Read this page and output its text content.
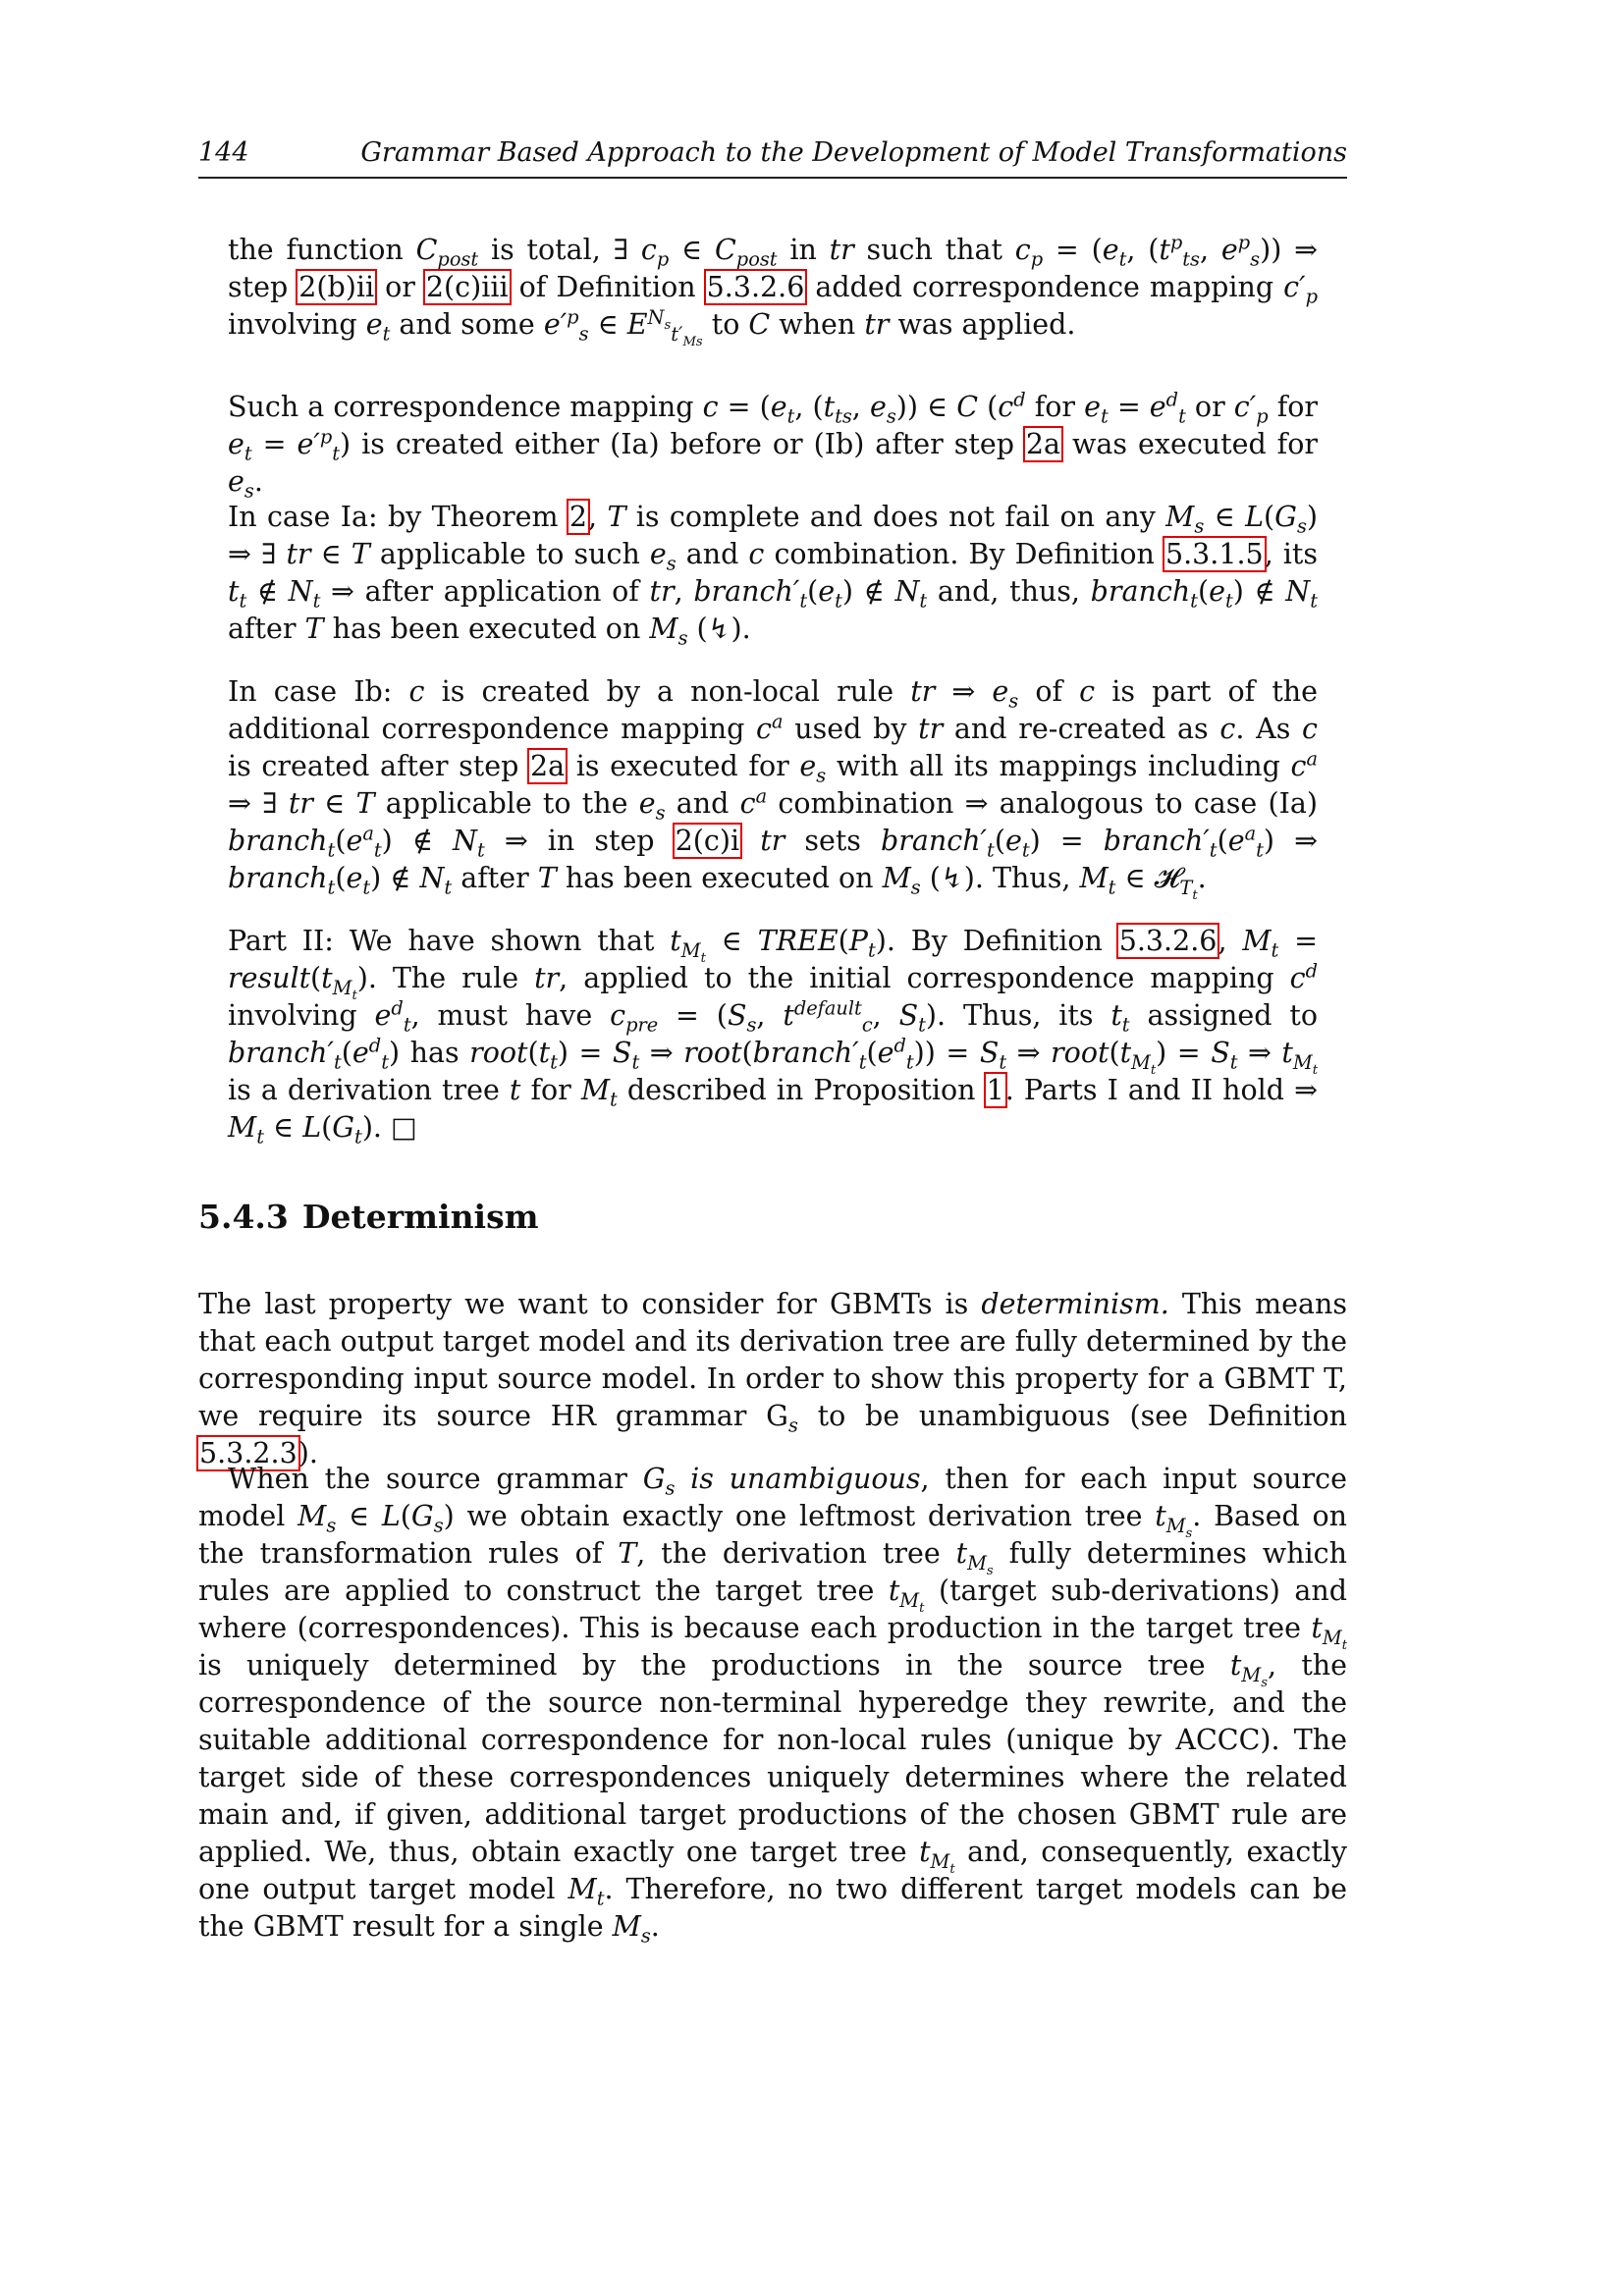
144	Grammar Based Approach to the Development of Model Transformations

the function $C_{post}$ is total, ∃ $c_p$ ∈ $C_{post}$ in tr such that $c_p = (e_t$, ($t^p_{ts}$, $e^p_s$)) ⇒ step 2(b)ii or 2(c)iii of Definition 5.3.2.6 added correspondence mapping $c'_p$ involving $e_t$ and some $e'^p_s$ ∈ $E^{N_s}_{t'_{Ms}}$ to C when tr was applied.

Such a correspondence mapping $c = (e_t$, ($t_{ts}$, $e_s$)) ∈ C ($c^d$ for $e_t = e^d_t$ or $c'_p$ for $e_t = e'^p_t$) is created either (Ia) before or (Ib) after step 2a was executed for $e_s$.

In case Ia: by Theorem 2, T is complete and does not fail on any $M_s$ ∈ $L(G_s)$ ⇒ ∃ tr ∈ T applicable to such $e_s$ and c combination. By Definition 5.3.1.5, its $t_t$ ∉ $N_t$ ⇒ after application of tr, $branch'_t(e_t)$ ∉ $N_t$ and, thus, $branch_t(e_t)$ ∉ $N_t$ after T has been executed on $M_s$ (↯).

In case Ib: c is created by a non-local rule tr ⇒ $e_s$ of c is part of the additional correspondence mapping $c^a$ used by tr and re-created as c. As c is created after step 2a is executed for $e_s$ with all its mappings including $c^a$ ⇒ ∃ tr ∈ T applicable to the $e_s$ and $c^a$ combination ⇒ analogous to case (Ia) $branch_t(e^a_t)$ ∉ $N_t$ ⇒ in step 2(c)i tr sets $branch'_t(e_t)$ = $branch'_t(e^a_t)$ ⇒ $branch_t(e_t)$ ∉ $N_t$ after T has been executed on $M_s$ (↯). Thus, $M_t$ ∈ 𝓗$_{T_t}$.

Part II: We have shown that $t_{M_t}$ ∈ $TREE(P_t)$. By Definition 5.3.2.6, $M_t$ = $result(t_{M_t})$. The rule tr, applied to the initial correspondence mapping $c^d$ involving $e^d_t$, must have $c_{pre} = (S_s$, $t^{default}_c$, $S_t$). Thus, its $t_t$ assigned to $branch'_t(e^d_t)$ has $root(t_t) = S_t$ ⇒ $root(branch'_t(e^d_t)) = S_t$ ⇒ $root(t_{M_t}) = S_t$ ⇒ $t_{M_t}$ is a derivation tree t for $M_t$ described in Proposition 1. Parts I and II hold ⇒ $M_t$ ∈ $L(G_t)$. □

5.4.3 Determinism

The last property we want to consider for GBMTs is determinism. This means that each output target model and its derivation tree are fully determined by the corresponding input source model. In order to show this property for a GBMT T, we require its source HR grammar $G_s$ to be unambiguous (see Definition 5.3.2.3).

When the source grammar $G_s$ is unambiguous, then for each input source model $M_s$ ∈ $L(G_s)$ we obtain exactly one leftmost derivation tree $t_{M_s}$. Based on the transformation rules of T, the derivation tree $t_{M_s}$ fully determines which rules are applied to construct the target tree $t_{M_t}$ (target sub-derivations) and where (correspondences). This is because each production in the target tree $t_{M_t}$ is uniquely determined by the productions in the source tree $t_{M_s}$, the correspondence of the source non-terminal hyperedge they rewrite, and the suitable additional correspondence for non-local rules (unique by ACCC). The target side of these correspondences uniquely determines where the related main and, if given, additional target productions of the chosen GBMT rule are applied. We, thus, obtain exactly one target tree $t_{M_t}$ and, consequently, exactly one output target model $M_t$. Therefore, no two different target models can be the GBMT result for a single $M_s$.
